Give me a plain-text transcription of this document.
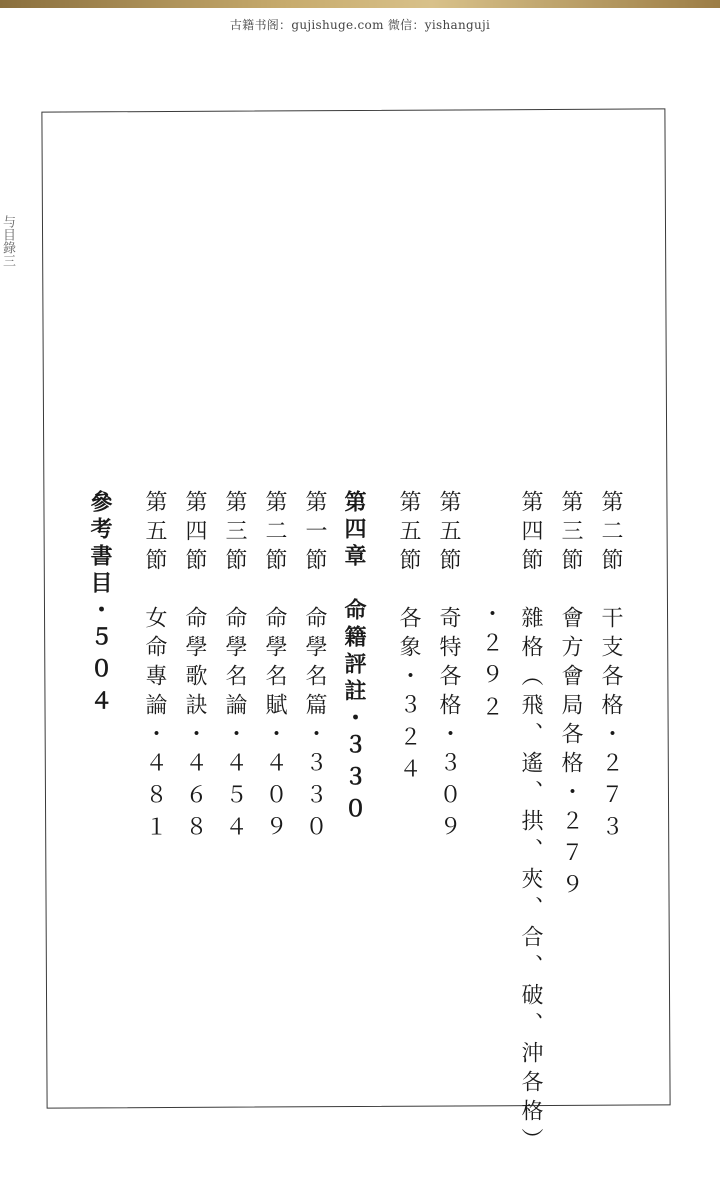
古籍书阁：gujishuge.com 微信：yishanguji
与目錄三
第二節　干支各格・２７３
第三節　會方會局各格・２７９
第四節　雜格（飛、遙、拱、夾、合、破、沖各格）
・２９２
第五節　奇特各格・３０９
第五節　各象・３２４
第四章　命籍評註・３３０
第一節　命學名篇・３３０
第二節　命學名賦・４０９
第三節　命學名論・４５４
第四節　命學歌訣・４６８
第五節　女命專論・４８１
參考書目・５０４
